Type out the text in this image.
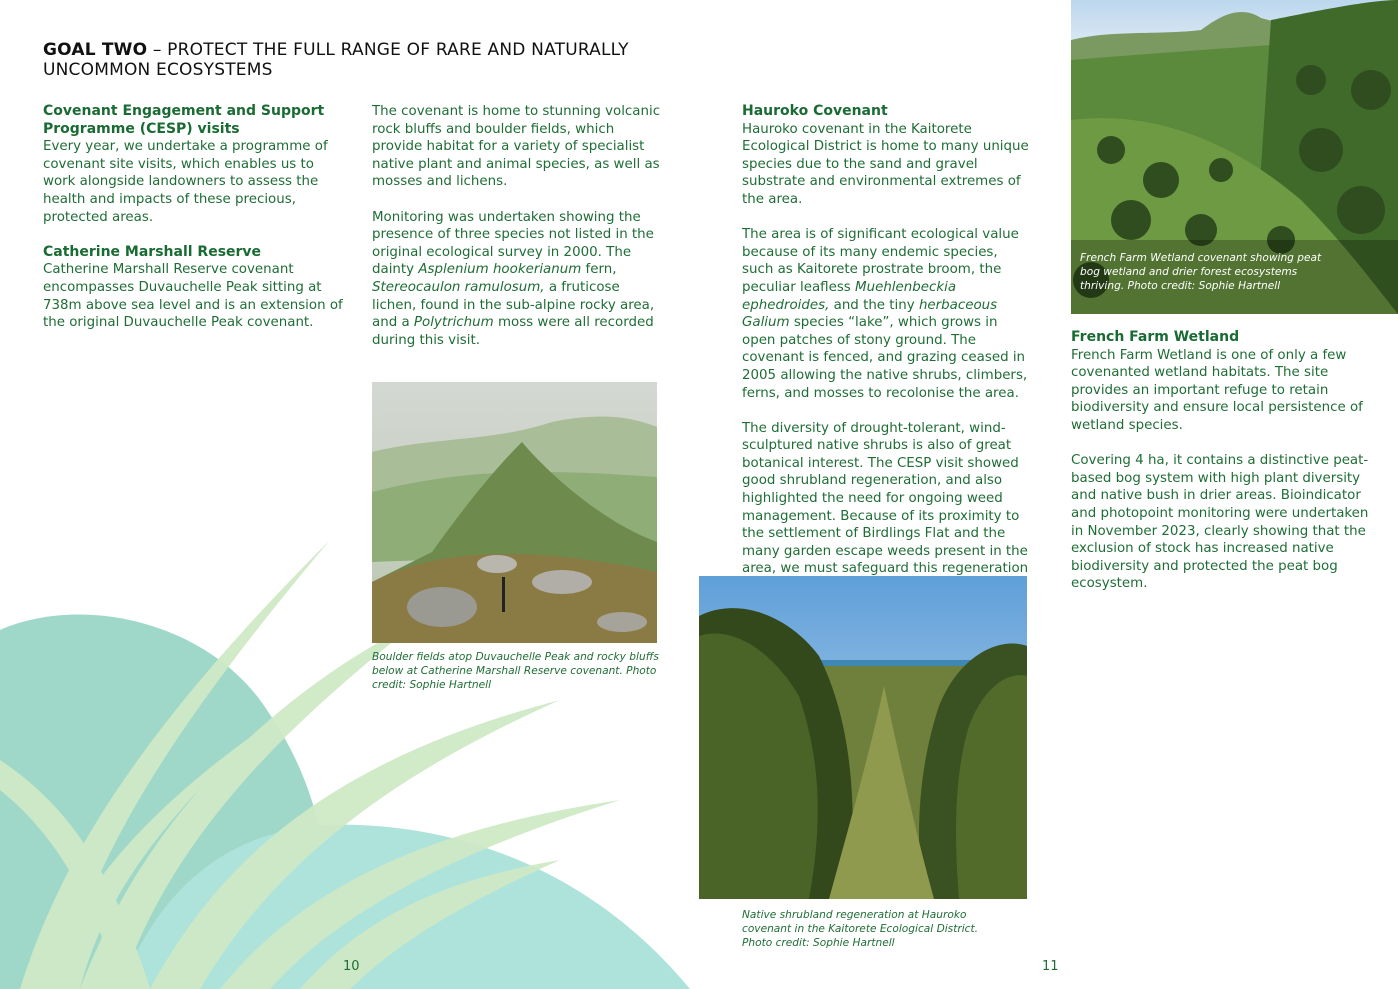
GOAL TWO – PROTECT THE FULL RANGE OF RARE AND NATURALLY
UNCOMMON ECOSYSTEMS
Covenant Engagement and Support Programme (CESP) visits

Every year, we undertake a programme of covenant site visits, which enables us to work alongside landowners to assess the health and impacts of these precious, protected areas.

Catherine Marshall Reserve

Catherine Marshall Reserve covenant encompasses Duvauchelle Peak sitting at 738m above sea level and is an extension of the original Duvauchelle Peak covenant.

The covenant is home to stunning volcanic rock bluffs and boulder fields, which provide habitat for a variety of specialist native plant and animal species, as well as mosses and lichens.

Monitoring was undertaken showing the presence of three species not listed in the original ecological survey in 2000. The dainty Asplenium hookerianum fern, Stereocaulon ramulosum, a fruticose lichen, found in the sub-alpine rocky area, and a Polytrichum moss were all recorded during this visit.

Boulder fields atop Duvauchelle Peak and rocky bluffs below at Catherine Marshall Reserve covenant. Photo credit: Sophie Hartnell
Hauroko Covenant

Hauroko covenant in the Kaitorete Ecological District is home to many unique species due to the sand and gravel substrate and environmental extremes of the area.

The area is of significant ecological value because of its many endemic species, such as Kaitorete prostrate broom, the peculiar leafless Muehlenbeckia ephedroides, and the tiny herbaceous Galium species “lake”, which grows in open patches of stony ground. The covenant is fenced, and grazing ceased in 2005 allowing the native shrubs, climbers, ferns, and mosses to recolonise the area.

The diversity of drought-tolerant, wind-sculptured native shrubs is also of great botanical interest. The CESP visit showed good shrubland regeneration, and also highlighted the need for ongoing weed management. Because of its proximity to the settlement of Birdlings Flat and the many garden escape weeds present in the area, we must safeguard this regeneration

Native shrubland regeneration at Hauroko covenant in the Kaitorete Ecological District. Photo credit: Sophie Hartnell
French Farm Wetland covenant showing peat bog wetland and drier forest ecosystems thriving. Photo credit: Sophie Hartnell
French Farm Wetland

French Farm Wetland is one of only a few covenanted wetland habitats. The site provides an important refuge to retain biodiversity and ensure local persistence of wetland species.

Covering 4 ha, it contains a distinctive peat-based bog system with high plant diversity and native bush in drier areas. Bioindicator and photopoint monitoring were undertaken in November 2023, clearly showing that the exclusion of stock has increased native biodiversity and protected the peat bog ecosystem.

10	11
